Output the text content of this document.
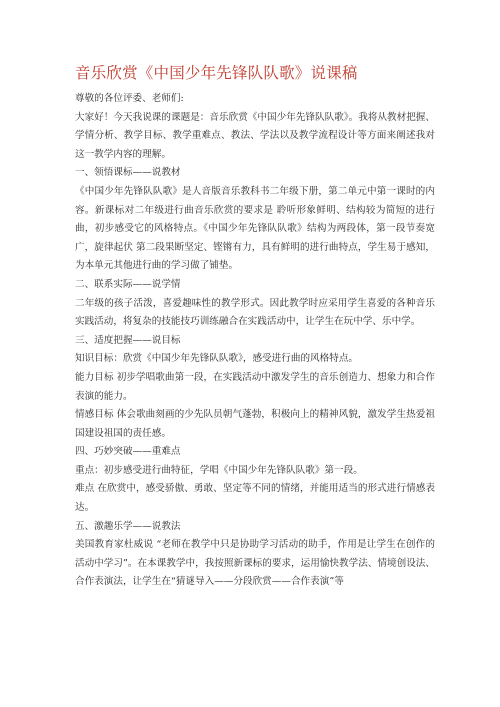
音乐欣赏《中国少年先锋队队歌》说课稿

尊敬的各位评委、老师们:

大家好！今天我说课的课题是：音乐欣赏《中国少年先锋队队歌》。我将从教材把握、学情分析、教学目标、教学重难点、教法、学法以及教学流程设计等方面来阐述我对这一教学内容的理解。

一、领悟课标——说教材

《中国少年先锋队队歌》是人音版音乐教科书二年级下册，第二单元中第一课时的内容。新课标对二年级进行曲音乐欣赏的要求是 聆听形象鲜明、结构较为简短的进行曲，初步感受它的风格特点。《中国少年先锋队队歌》结构为两段体，第一段节奏宽广，旋律起伏 第二段果断坚定、铿锵有力，具有鲜明的进行曲特点，学生易于感知，为本单元其他进行曲的学习做了铺垫。

二、联系实际——说学情

二年级的孩子活泼，喜爱趣味性的教学形式。因此教学时应采用学生喜爱的各种音乐实践活动，将复杂的技能技巧训练融合在实践活动中，让学生在玩中学、乐中学。

三、适度把握——说目标

知识目标：欣赏《中国少年先锋队队歌》，感受进行曲的风格特点。

能力目标 初步学唱歌曲第一段，在实践活动中激发学生的音乐创造力、想象力和合作表演的能力。

情感目标 体会歌曲刻画的少先队员朝气蓬勃，积极向上的精神风貌，激发学生热爱祖国建设祖国的责任感。

四、巧妙突破——重难点

重点：初步感受进行曲特征，学唱《中国少年先锋队队歌》第一段。

难点 在欣赏中，感受骄傲、勇敢、坚定等不同的情绪，并能用适当的形式进行情感表达。

五、激趣乐学——说教法

美国教育家杜威说 “老师在教学中只是协助学习活动的助手，作用是让学生在创作的活动中学习”。在本课教学中，我按照新课标的要求，运用愉快教学法、情境创设法、合作表演法，让学生在“猜谜导入——分段欣赏——合作表演”等
